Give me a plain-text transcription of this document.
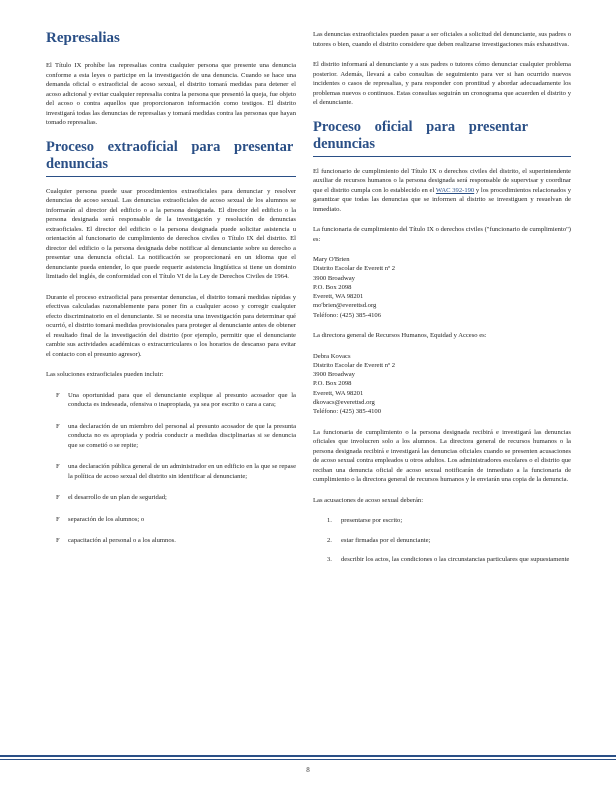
Represalias

El Título IX prohíbe las represalias contra cualquier persona que presente una denuncia conforme a esta leyes o participe en la investigación de una denuncia. Cuando se hace una demanda oficial o extraoficial de acoso sexual, el distrito tomará medidas para detener el acoso adicional y evitar cualquier represalia contra la persona que presentó la queja, fue objeto del acoso o contra aquellos que proporcionaron información como testigos. El distrito investigará todas las denuncias de represalias y tomará medidas contra las personas que hayan tomado represalias.

Proceso extraoficial para presentar denuncias

Cualquier persona puede usar procedimientos extraoficiales para denunciar y resolver denuncias de acoso sexual. Las denuncias extraoficiales de acoso sexual de los alumnos se informarán al director del edificio o a la persona designada. El director del edificio o la persona designada será responsable de la investigación y resolución de denuncias extraoficiales. El director del edificio o la persona designada puede solicitar asistencia u orientación al funcionario de cumplimiento de derechos civiles o Título IX del distrito. El director del edificio o la persona designada debe notificar al denunciante sobre su derecho a presentar una denuncia oficial. La notificación se proporcionará en un idioma que el denunciante pueda entender, lo que puede requerir asistencia lingüística si tiene un dominio limitado del inglés, de conformidad con el Título VI de la Ley de Derechos Civiles de 1964.

Durante el proceso extraoficial para presentar denuncias, el distrito tomará medidas rápidas y efectivas calculadas razonablemente para poner fin a cualquier acoso y corregir cualquier efecto discriminatorio en el denunciante. Si se necesita una investigación para determinar qué ocurrió, el distrito tomará medidas provisionales para proteger al denunciante antes de obtener el resultado final de la investigación del distrito (por ejemplo, permitir que el denunciante cambie sus actividades académicas o extracurriculares o los horarios de descanso para evitar el contacto con el presunto agresor).

Las soluciones extraoficiales pueden incluir:

F Una oportunidad para que el denunciante explique al presunto acosador que la conducta es indeseada, ofensiva o inapropiada, ya sea por escrito o cara a cara;
F una declaración de un miembro del personal al presunto acosador de que la presunta conducta no es apropiada y podría conducir a medidas disciplinarias si se denuncia que se cometió o se repite;
F una declaración pública general de un administrador en un edificio en la que se repase la política de acoso sexual del distrito sin identificar al denunciante;
F el desarrollo de un plan de seguridad;
F separación de los alumnos; o
F capacitación al personal o a los alumnos.

Las denuncias extraoficiales pueden pasar a ser oficiales a solicitud del denunciante, sus padres o tutores o bien, cuando el distrito considere que deben realizarse investigaciones más exhaustivas.

El distrito informará al denunciante y a sus padres o tutores cómo denunciar cualquier problema posterior. Además, llevará a cabo consultas de seguimiento para ver si han ocurrido nuevos incidentes o casos de represalias, y para responder con prontitud y abordar adecuadamente los problemas nuevos o continuos. Estas consultas seguirán un cronograma que acuerden el distrito y el denunciante.

Proceso oficial para presentar denuncias

El funcionario de cumplimiento del Título IX o derechos civiles del distrito, el superintendente auxiliar de recursos humanos o la persona designada será responsable de supervisar y coordinar que el distrito cumpla con lo establecido en el WAC 392-190 y los procedimientos relacionados y garantizar que todas las denuncias que se informen al distrito se investiguen y resuelvan de inmediato.

La funcionaria de cumplimiento del Título IX o derechos civiles ("funcionario de cumplimiento") es:

Mary O'Brien
Distrito Escolar de Everett nº 2
3900 Broadway
P.O. Box 2098
Everett, WA 98201
mo'brien@everettsd.org
Teléfono: (425) 385-4106

La directora general de Recursos Humanos, Equidad y Acceso es:

Debra Kovacs
Distrito Escolar de Everett nº 2
3900 Broadway
P.O. Box 2098
Everett, WA 98201
dkovacs@everettsd.org
Teléfono: (425) 385-4100

La funcionaria de cumplimiento o la persona designada recibirá e investigará las denuncias oficiales que involucren solo a los alumnos. La directora general de recursos humanos o la persona designada recibirá e investigará las denuncias oficiales cuando se presenten acusaciones de acoso sexual contra empleados u otros adultos. Los administradores escolares o el distrito que reciban una denuncia oficial de acoso sexual notificarán de inmediato a la funcionaria de cumplimiento o la directora general de recursos humanos y le enviarán una copia de la denuncia.

Las acusaciones de acoso sexual deberán:

1. presentarse por escrito;
2. estar firmadas por el denunciante;
3. describir los actos, las condiciones o las circunstancias particulares que supuestamente
8
